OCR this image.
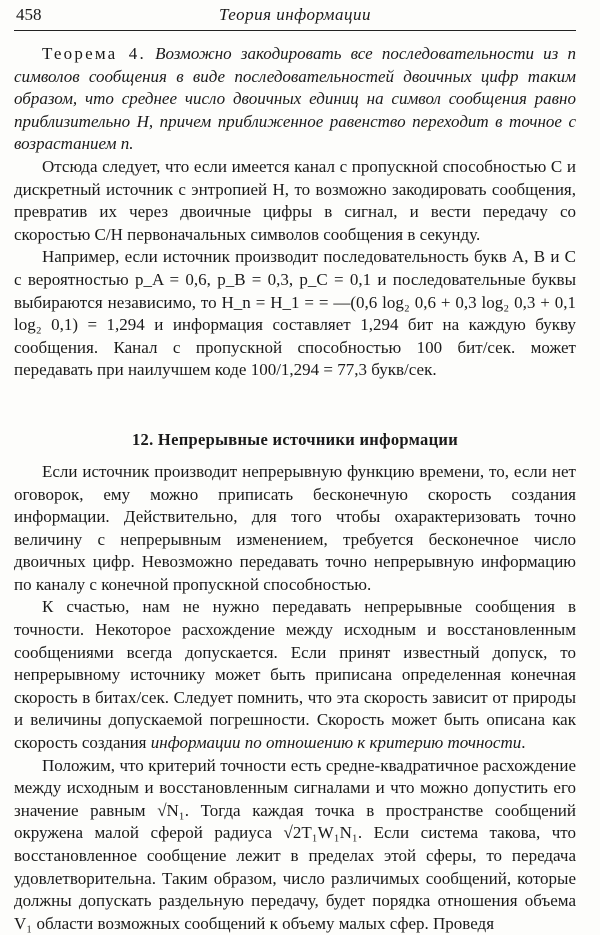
458	Теория информации

Теорема 4. Возможно закодировать все последовательности из n символов сообщения в виде последовательностей двоичных цифр таким образом, что среднее число двоичных единиц на символ сообщения равно приблизительно H, причем приближенное равенство переходит в точное с возрастанием n.

Отсюда следует, что если имеется канал с пропускной способностью C и дискретный источник с энтропией H, то возможно закодировать сообщения, превратив их через двоичные цифры в сигнал, и вести передачу со скоростью C/H первоначальных символов сообщения в секунду.

Например, если источник производит последовательность букв A, B и C с вероятностью p_A = 0,6, p_B = 0,3, p_C = 0,1 и последовательные буквы выбираются независимо, то H_n = H_1 = = —(0,6 log₂ 0,6 + 0,3 log₂ 0,3 + 0,1 log₂ 0,1) = 1,294 и информация составляет 1,294 бит на каждую букву сообщения. Канал с пропускной способностью 100 бит/сек. может передавать при наилучшем коде 100/1,294 = 77,3 букв/сек.

12. Непрерывные источники информации

Если источник производит непрерывную функцию времени, то, если нет оговорок, ему можно приписать бесконечную скорость создания информации. Действительно, для того чтобы охарактеризовать точно величину с непрерывным изменением, требуется бесконечное число двоичных цифр. Невозможно передавать точно непрерывную информацию по каналу с конечной пропускной способностью.

К счастью, нам не нужно передавать непрерывные сообщения в точности. Некоторое расхождение между исходным и восстановленным сообщениями всегда допускается. Если принят известный допуск, то непрерывному источнику может быть приписана определенная конечная скорость в битах/сек. Следует помнить, что эта скорость зависит от природы и величины допускаемой погрешности. Скорость может быть описана как скорость создания информации по отношению к критерию точности.

Положим, что критерий точности есть средне-квадратичное расхождение между исходным и восстановленным сигналами и что можно допустить его значение равным √N₁. Тогда каждая точка в пространстве сообщений окружена малой сферой радиуса √2T₁W₁N₁. Если система такова, что восстановленное сообщение лежит в пределах этой сферы, то передача удовлетворительна. Таким образом, число различимых сообщений, которые должны допускать раздельную передачу, будет порядка отношения объема V₁ области возможных сообщений к объему малых сфер. Проведя
